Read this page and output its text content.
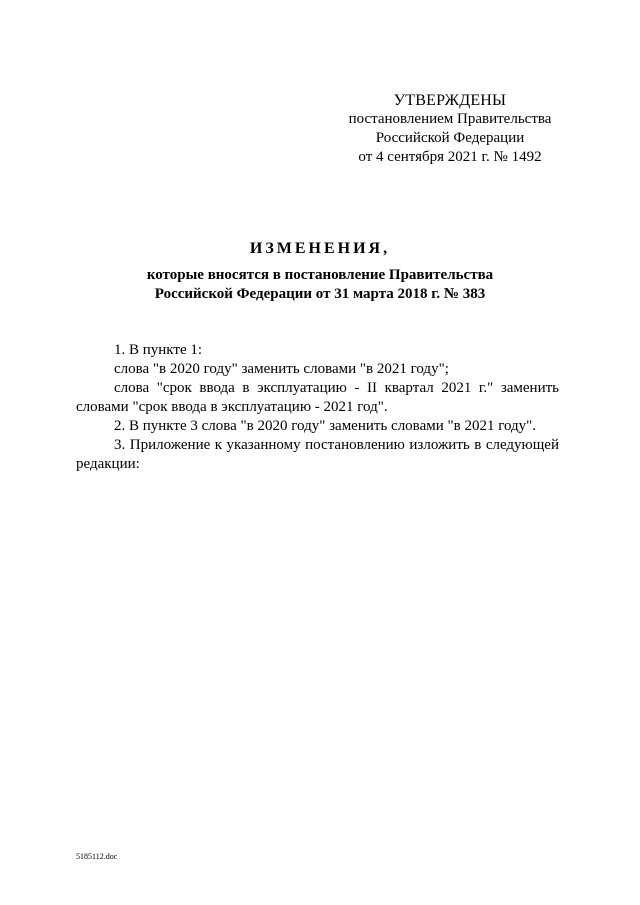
УТВЕРЖДЕНЫ
постановлением Правительства
Российской Федерации
от 4 сентября 2021 г. № 1492
ИЗМЕНЕНИЯ,
которые вносятся в постановление Правительства
Российской Федерации от 31 марта 2018 г. № 383

1. В пункте 1:

слова "в 2020 году" заменить словами "в 2021 году";

слова "срок ввода в эксплуатацию - II квартал 2021 г." заменить словами "срок ввода в эксплуатацию - 2021 год".

2. В пункте 3 слова "в 2020 году" заменить словами "в 2021 году".

3. Приложение к указанному постановлению изложить в следующей редакции:

5185112.doc
